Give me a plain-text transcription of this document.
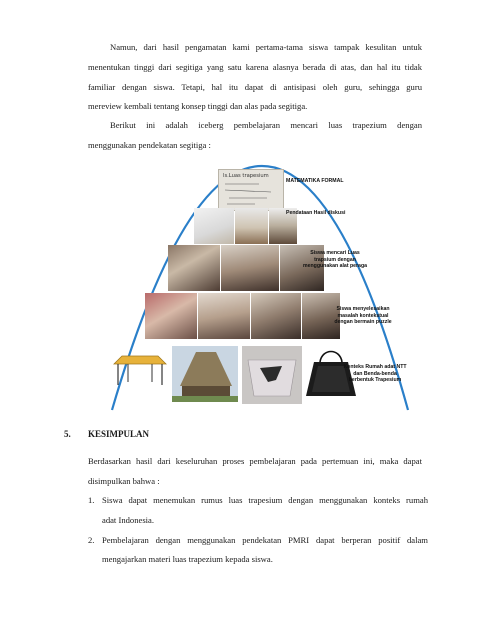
Namun, dari hasil pengamatan kami pertama-tama siswa tampak kesulitan untuk
menentukan tinggi dari segitiga yang satu karena alasnya berada di atas, dan hal itu tidak
familiar dengan siswa. Tetapi, hal itu dapat di antisipasi oleh guru, sehingga guru
mereview kembali tentang konsep tinggi dan alas pada segitiga.
Berikut ini adalah iceberg pembelajaran mencari luas trapezium dengan
menggunakan pendekatan segitiga :
ls.Luas trapesium
MATEMATIKA FORMAL
Pendataan Hasil diskusi
Siswa mencari Luas trapsium dengan menggunakan alat peraga
Siswa menyelesaikan masalah kontekstual dengan bermain puzzle
Konteks Rumah adat NTT dan Benda-benda berbentuk Trapesium
5. KESIMPULAN
Berdasarkan hasil dari keseluruhan proses pembelajaran pada pertemuan ini, maka dapat
disimpulkan bahwa :
1. Siswa dapat menemukan rumus luas trapesium dengan menggunakan konteks rumah
adat Indonesia.
2. Pembelajaran dengan menggunakan pendekatan PMRI dapat berperan positif dalam
mengajarkan materi luas trapezium kepada siswa.
